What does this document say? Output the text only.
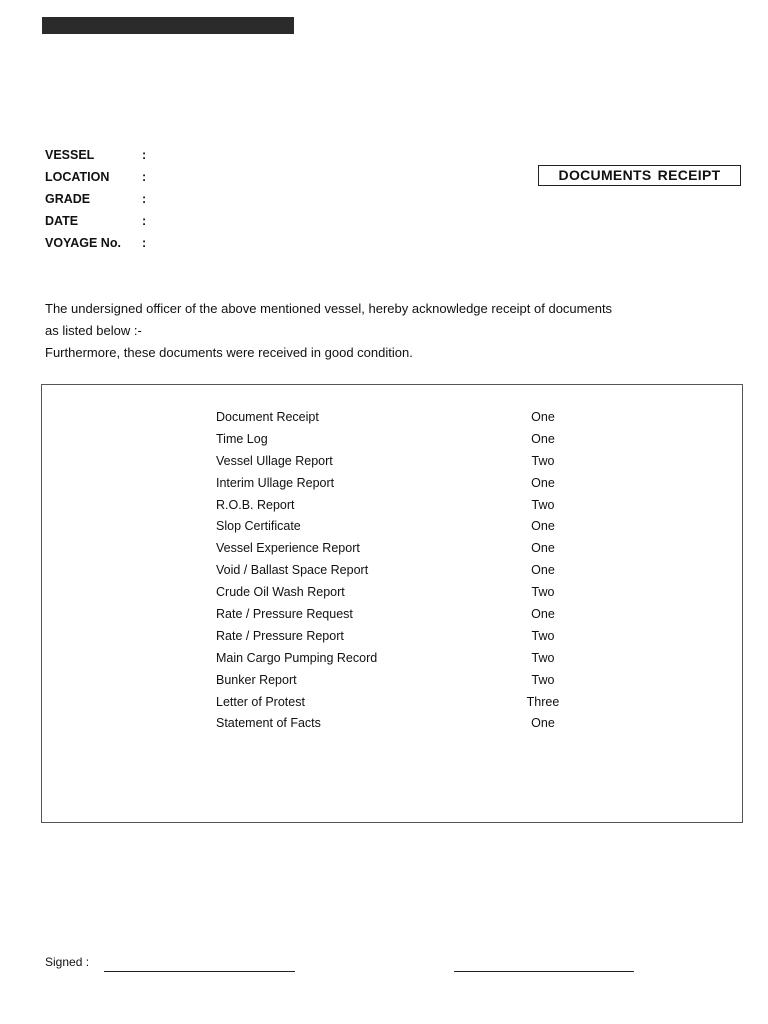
VESSEL	:
LOCATION	:
GRADE	:
DATE	:
VOYAGE No. :
DOCUMENTS RECEIPT
The undersigned officer of the above mentioned vessel, hereby acknowledge receipt of documents
as listed below :-
Furthermore, these documents were received in good condition.
Document Receipt	One
Time Log	One
Vessel Ullage Report	Two
Interim Ullage Report	One
R.O.B. Report	Two
Slop Certificate	One
Vessel Experience Report	One
Void / Ballast Space Report	One
Crude Oil Wash Report	Two
Rate / Pressure Request	One
Rate / Pressure Report	Two
Main Cargo Pumping Record	Two
Bunker Report	Two
Letter of Protest	Three
Statement of Facts	One
Signed :
